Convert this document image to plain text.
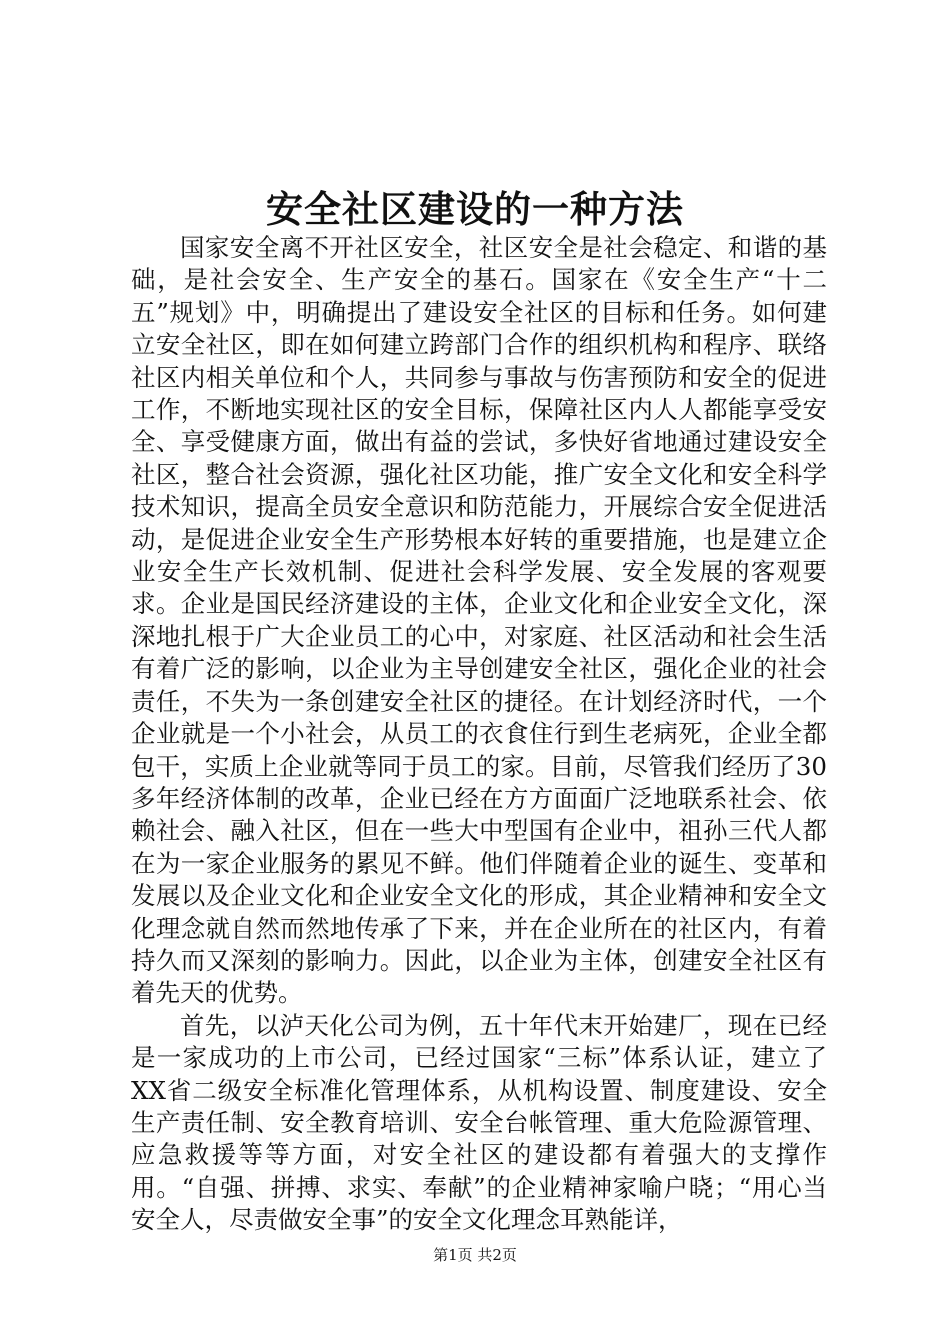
安全社区建设的一种方法

国家安全离不开社区安全，社区安全是社会稳定、和谐的基础，是社会安全、生产安全的基石。国家在《安全生产“十二五”规划》中，明确提出了建设安全社区的目标和任务。如何建立安全社区，即在如何建立跨部门合作的组织机构和程序、联络社区内相关单位和个人，共同参与事故与伤害预防和安全的促进工作，不断地实现社区的安全目标，保障社区内人人都能享受安全、享受健康方面，做出有益的尝试，多快好省地通过建设安全社区，整合社会资源，强化社区功能，推广安全文化和安全科学技术知识，提高全员安全意识和防范能力，开展综合安全促进活动，是促进企业安全生产形势根本好转的重要措施，也是建立企业安全生产长效机制、促进社会科学发展、安全发展的客观要求。企业是国民经济建设的主体，企业文化和企业安全文化，深深地扎根于广大企业员工的心中，对家庭、社区活动和社会生活有着广泛的影响，以企业为主导创建安全社区，强化企业的社会责任，不失为一条创建安全社区的捷径。在计划经济时代，一个企业就是一个小社会，从员工的衣食住行到生老病死，企业全都包干，实质上企业就等同于员工的家。目前，尽管我们经历了30多年经济体制的改革，企业已经在方方面面广泛地联系社会、依赖社会、融入社区，但在一些大中型国有企业中，祖孙三代人都在为一家企业服务的累见不鲜。他们伴随着企业的诞生、变革和发展以及企业文化和企业安全文化的形成，其企业精神和安全文化理念就自然而然地传承了下来，并在企业所在的社区内，有着持久而又深刻的影响力。因此，以企业为主体，创建安全社区有着先天的优势。

首先，以泸天化公司为例，五十年代末开始建厂，现在已经是一家成功的上市公司，已经过国家“三标”体系认证，建立了XX省二级安全标准化管理体系，从机构设置、制度建设、安全生产责任制、安全教育培训、安全台帐管理、重大危险源管理、应急救援等等方面，对安全社区的建设都有着强大的支撑作用。“自强、拼搏、求实、奉献”的企业精神家喻户晓；“用心当安全人，尽责做安全事”的安全文化理念耳熟能详，

第1页 共2页
